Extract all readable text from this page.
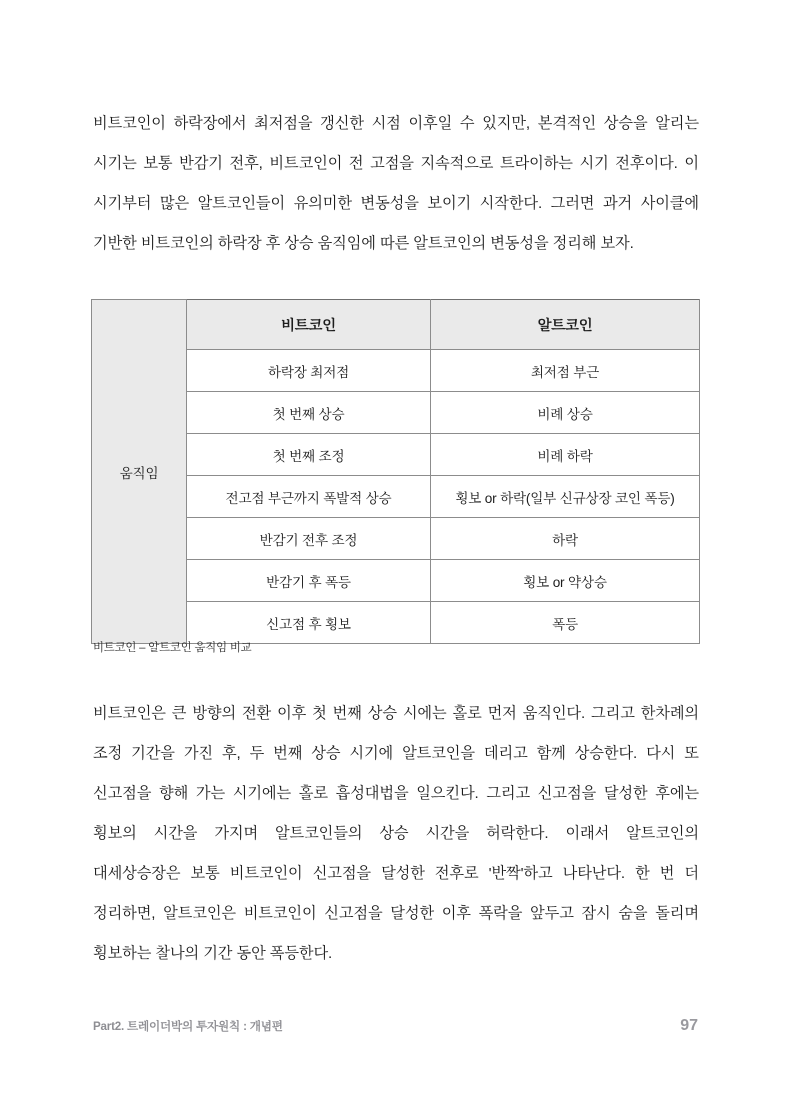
비트코인이 하락장에서 최저점을 갱신한 시점 이후일 수 있지만, 본격적인 상승을 알리는
시기는 보통 반감기 전후, 비트코인이 전 고점을 지속적으로 트라이하는 시기 전후이다. 이
시기부터 많은 알트코인들이 유의미한 변동성을 보이기 시작한다. 그러면 과거 사이클에
기반한 비트코인의 하락장 후 상승 움직임에 따른 알트코인의 변동성을 정리해 보자.
움직임	비트코인	알트코인
	하락장 최저점	최저점 부근
	첫 번째 상승	비례 상승
	첫 번째 조정	비례 하락
	전고점 부근까지 폭발적 상승	횡보 or 하락(일부 신규상장 코인 폭등)
	반감기 전후 조정	하락
	반감기 후 폭등	횡보 or 약상승
	신고점 후 횡보	폭등
비트코인 – 알트코인 움직임 비교
비트코인은 큰 방향의 전환 이후 첫 번째 상승 시에는 홀로 먼저 움직인다. 그리고 한차례의
조정 기간을 가진 후, 두 번째 상승 시기에 알트코인을 데리고 함께 상승한다. 다시 또
신고점을 향해 가는 시기에는 홀로 흡성대법을 일으킨다. 그리고 신고점을 달성한 후에는
횡보의 시간을 가지며 알트코인들의 상승 시간을 허락한다. 이래서 알트코인의
대세상승장은 보통 비트코인이 신고점을 달성한 전후로 '반짝'하고 나타난다. 한 번 더
정리하면, 알트코인은 비트코인이 신고점을 달성한 이후 폭락을 앞두고 잠시 숨을 돌리며
횡보하는 찰나의 기간 동안 폭등한다.
Part2. 트레이더박의 투자원칙 : 개념편	97
